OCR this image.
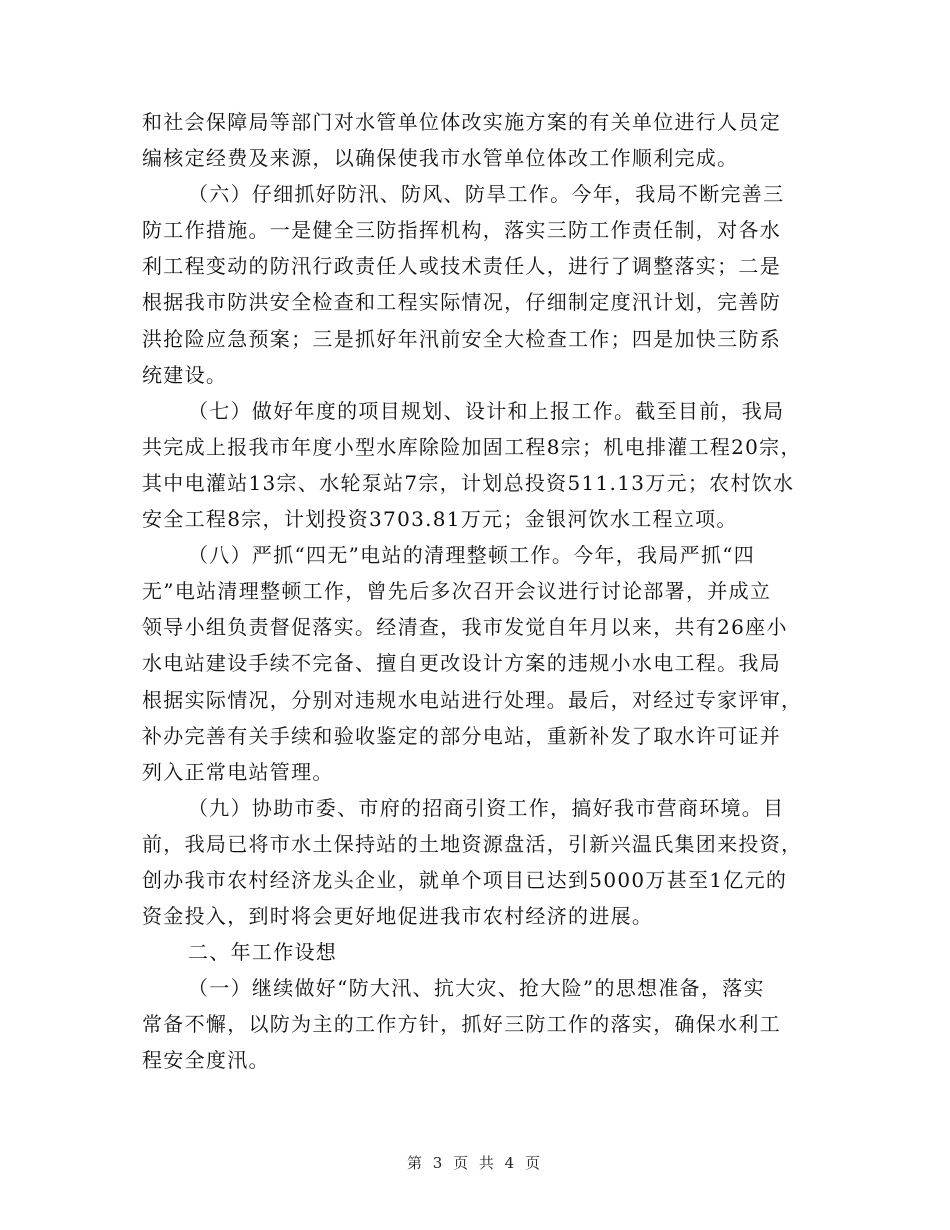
和社会保障局等部门对水管单位体改实施方案的有关单位进行人员定
编核定经费及来源，以确保使我市水管单位体改工作顺利完成。
（六）仔细抓好防汛、防风、防旱工作。今年，我局不断完善三
防工作措施。一是健全三防指挥机构，落实三防工作责任制，对各水
利工程变动的防汛行政责任人或技术责任人，进行了调整落实；二是
根据我市防洪安全检查和工程实际情况，仔细制定度汛计划，完善防
洪抢险应急预案；三是抓好年汛前安全大检查工作；四是加快三防系
统建设。
（七）做好年度的项目规划、设计和上报工作。截至目前，我局
共完成上报我市年度小型水库除险加固工程8宗；机电排灌工程20宗，
其中电灌站13宗、水轮泵站7宗，计划总投资511.13万元；农村饮水
安全工程8宗，计划投资3703.81万元；金银河饮水工程立项。
（八）严抓“四无”电站的清理整顿工作。今年，我局严抓“四
无”电站清理整顿工作，曾先后多次召开会议进行讨论部署，并成立
领导小组负责督促落实。经清查，我市发觉自年月以来，共有26座小
水电站建设手续不完备、擅自更改设计方案的违规小水电工程。我局
根据实际情况，分别对违规水电站进行处理。最后，对经过专家评审，
补办完善有关手续和验收鉴定的部分电站，重新补发了取水许可证并
列入正常电站管理。
（九）协助市委、市府的招商引资工作，搞好我市营商环境。目
前，我局已将市水土保持站的土地资源盘活，引新兴温氏集团来投资，
创办我市农村经济龙头企业，就单个项目已达到5000万甚至1亿元的
资金投入，到时将会更好地促进我市农村经济的进展。
二、年工作设想
（一）继续做好“防大汛、抗大灾、抢大险”的思想准备，落实
常备不懈，以防为主的工作方针，抓好三防工作的落实，确保水利工
程安全度汛。
第 3 页 共 4 页
